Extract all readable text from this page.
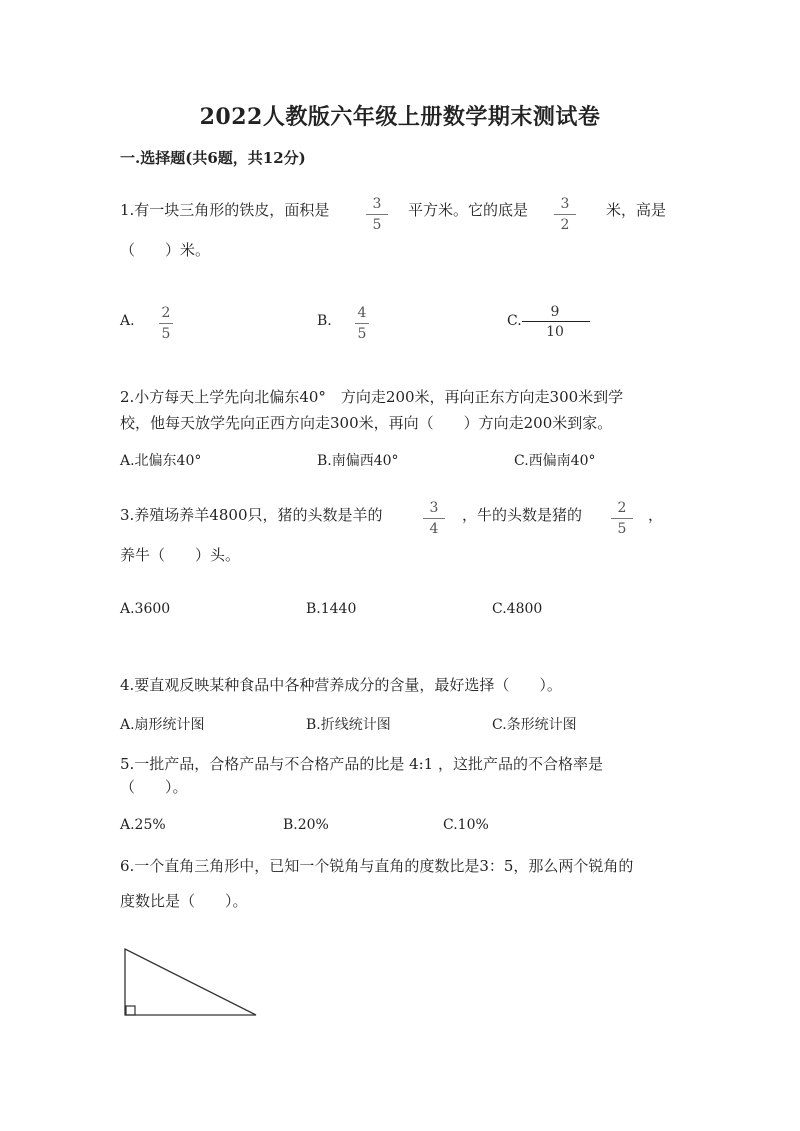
2022人教版六年级上册数学期末测试卷
一.选择题(共6题，共12分)
1.有一块三角形的铁皮，面积是	3
5
平方米。它的底是 3
2
米，高是
（　　）米。
A. 2
5
B. 4
5
C.
9
10
2.小方每天上学先向北偏东40°　方向走200米，再向正东方向走300米到学
校，他每天放学先向正西方向走300米，再向（　　）方向走200米到家。
A.北偏东40°	B.南偏西40°	C.西偏南40°
3.养殖场养羊4800只，猪的头数是羊的	3
4
，牛的头数是猪的	2
5
，
养牛（　　）头。
A.3600	B.1440	C.4800
4.要直观反映某种食品中各种营养成分的含量，最好选择（　　）。
A.扇形统计图	B.折线统计图	C.条形统计图
5.一批产品，合格产品与不合格产品的比是 4:1 ，这批产品的不合格率是
（　　）。
A.25%	B.20%	C.10%
6.一个直角三角形中，已知一个锐角与直角的度数比是3：5，那么两个锐角的
度数比是（　　）。
